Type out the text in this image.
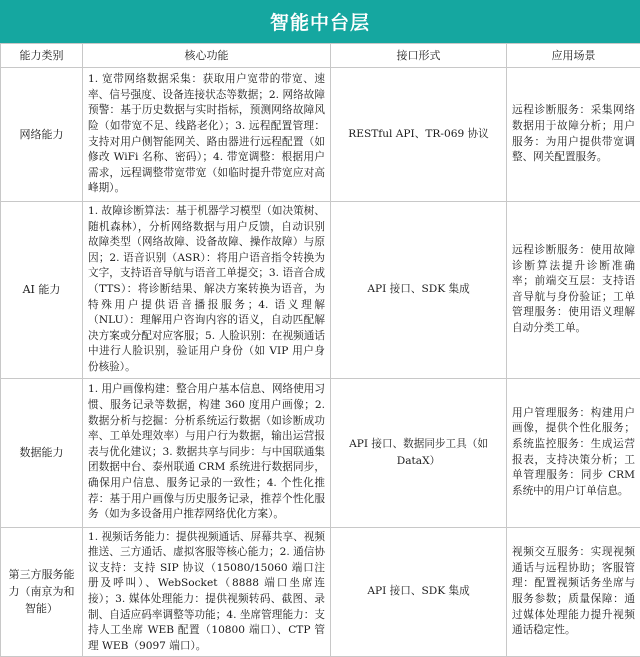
智能中台层
能力类别	核心功能	接口形式	应用场景
网络能力	1. 宽带网络数据采集：获取用户宽带的带宽、速率、信号强度、设备连接状态等数据；2. 网络故障预警：基于历史数据与实时指标，预测网络故障风险（如带宽不足、线路老化）；3. 远程配置管理：支持对用户侧智能网关、路由器进行远程配置（如修改 WiFi 名称、密码）；4. 带宽调整：根据用户需求，远程调整带宽带宽（如临时提升带宽应对高峰期）。	RESTful API、TR-069 协议	远程诊断服务：采集网络数据用于故障分析；用户服务：为用户提供带宽调整、网关配置服务。
AI 能力	1. 故障诊断算法：基于机器学习模型（如决策树、随机森林），分析网络数据与用户反馈，自动识别故障类型（网络故障、设备故障、操作故障）与原因；2. 语音识别（ASR）：将用户语音指令转换为文字，支持语音导航与语音工单提交；3. 语音合成（TTS）：将诊断结果、解决方案转换为语音，为特殊用户提供语音播报服务；4. 语义理解（NLU）：理解用户咨询内容的语义，自动匹配解决方案或分配对应客服；5. 人脸识别：在视频通话中进行人脸识别，验证用户身份（如 VIP 用户身份核验）。	API 接口、SDK 集成	远程诊断服务：使用故障诊断算法提升诊断准确率；前端交互层：支持语音导航与身份验证；工单管理服务：使用语义理解自动分类工单。
数据能力	1. 用户画像构建：整合用户基本信息、网络使用习惯、服务记录等数据，构建 360 度用户画像；2. 数据分析与挖掘：分析系统运行数据（如诊断成功率、工单处理效率）与用户行为数据，输出运营报表与优化建议；3. 数据共享与同步：与中国联通集团数据中台、泰州联通 CRM 系统进行数据同步，确保用户信息、服务记录的一致性；4. 个性化推荐：基于用户画像与历史服务记录，推荐个性化服务（如为多设备用户推荐网络优化方案）。	API 接口、数据同步工具（如 DataX）	用户管理服务：构建用户画像，提供个性化服务；系统监控服务：生成运营报表，支持决策分析；工单管理服务：同步 CRM 系统中的用户订单信息。
第三方服务能力（南京为和智能）	1. 视频话务能力：提供视频通话、屏幕共享、视频推送、三方通话、虚拟客服等核心能力；2. 通信协议支持：支持 SIP 协议（15080/15060 端口注册及呼叫）、WebSocket（8888 端口坐席连接）；3. 媒体处理能力：提供视频转码、截图、录制、自适应码率调整等功能；4. 坐席管理能力：支持人工坐席 WEB 配置（10800 端口）、CTP 管理 WEB（9097 端口）。	API 接口、SDK 集成	视频交互服务：实现视频通话与远程协助；客服管理：配置视频话务坐席与服务参数；质量保障：通过媒体处理能力提升视频通话稳定性。
